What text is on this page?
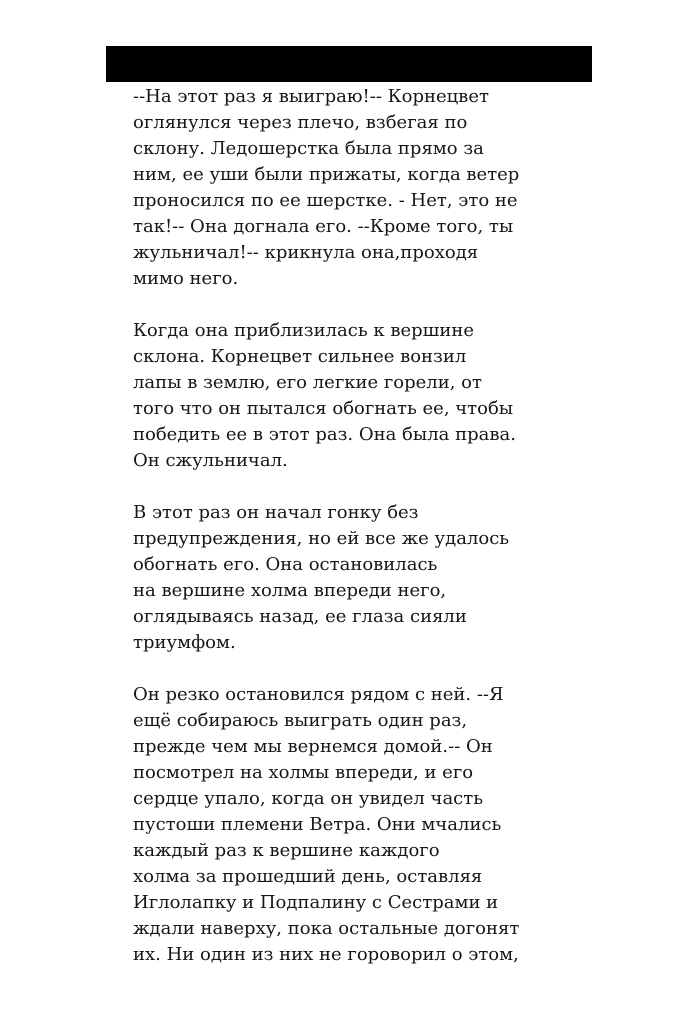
--На этот раз я выиграю!-- Корнецвет
оглянулся через плечо, взбегая по
склону. Ледошерстка была прямо за
ним, ее уши были прижаты, когда ветер
проносился по ее шерстке. - Нет, это не
так!-- Она догнала его. --Кроме того, ты
жульничал!-- крикнула она,проходя
мимо него.

Когда она приблизилась к вершине
склона. Корнецвет сильнее вонзил
лапы в землю, его легкие горели, от
того что он пытался обогнать ее, чтобы
победить ее в этот раз. Она была права.
Он сжульничал.

В этот раз он начал гонку без
предупреждения, но ей все же удалось
обогнать его. Она остановилась
на вершине холма впереди него,
оглядываясь назад, ее глаза сияли
триумфом.

Он резко остановился рядом с ней. --Я
ещё собираюсь выиграть один раз,
прежде чем мы вернемся домой.-- Он
посмотрел на холмы впереди, и его
сердце упало, когда он увидел часть
пустоши племени Ветра. Они мчались
каждый раз к вершине каждого
холма за прошедший день, оставляя
Иглолапку и Подпалину с Сестрами и
ждали наверху, пока остальные догонят
их. Ни один из них не гороворил о этом,
